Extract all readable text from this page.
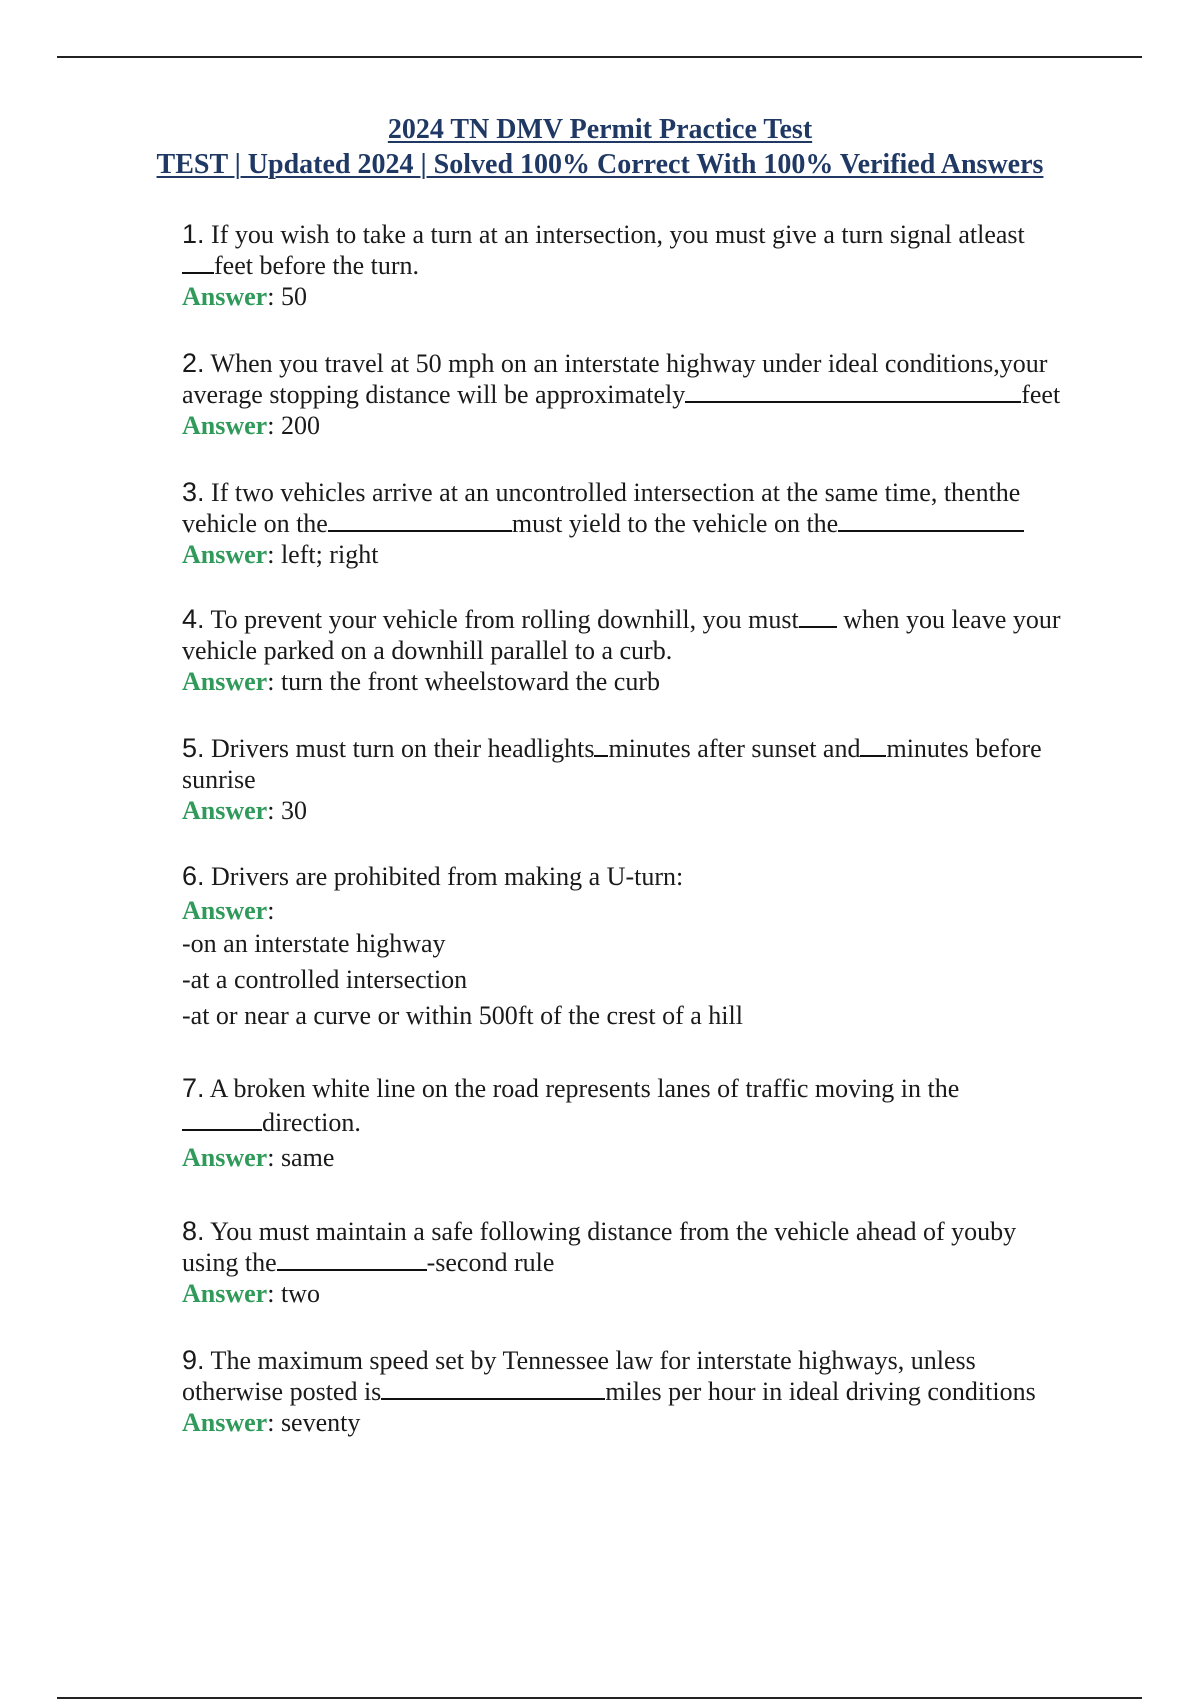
2024 TN DMV Permit Practice Test
TEST | Updated 2024 | Solved 100% Correct With 100% Verified Answers
1. If you wish to take a turn at an intersection, you must give a turn signal atleast
feet before the turn.
Answer: 50
2. When you travel at 50 mph on an interstate highway under ideal conditions,your
average stopping distance will be approximately	feet
Answer: 200
3. If two vehicles arrive at an uncontrolled intersection at the same time, thenthe
vehicle on the	must yield to the vehicle on the
Answer: left; right
4. To prevent your vehicle from rolling downhill, you must when you leave your
vehicle parked on a downhill parallel to a curb.
Answer: turn the front wheelstoward the curb
5. Drivers must turn on their headlights minutes after sunset and minutes before
sunrise
Answer: 30
6. Drivers are prohibited from making a U-turn:
Answer:
-on an interstate highway
-at a controlled intersection
-at or near a curve or within 500ft of the crest of a hill
7. A broken white line on the road represents lanes of traffic moving in the
direction.
Answer: same
8. You must maintain a safe following distance from the vehicle ahead of youby
using the	-second rule
Answer: two
9. The maximum speed set by Tennessee law for interstate highways, unless
otherwise posted is	miles per hour in ideal driving conditions
Answer: seventy
